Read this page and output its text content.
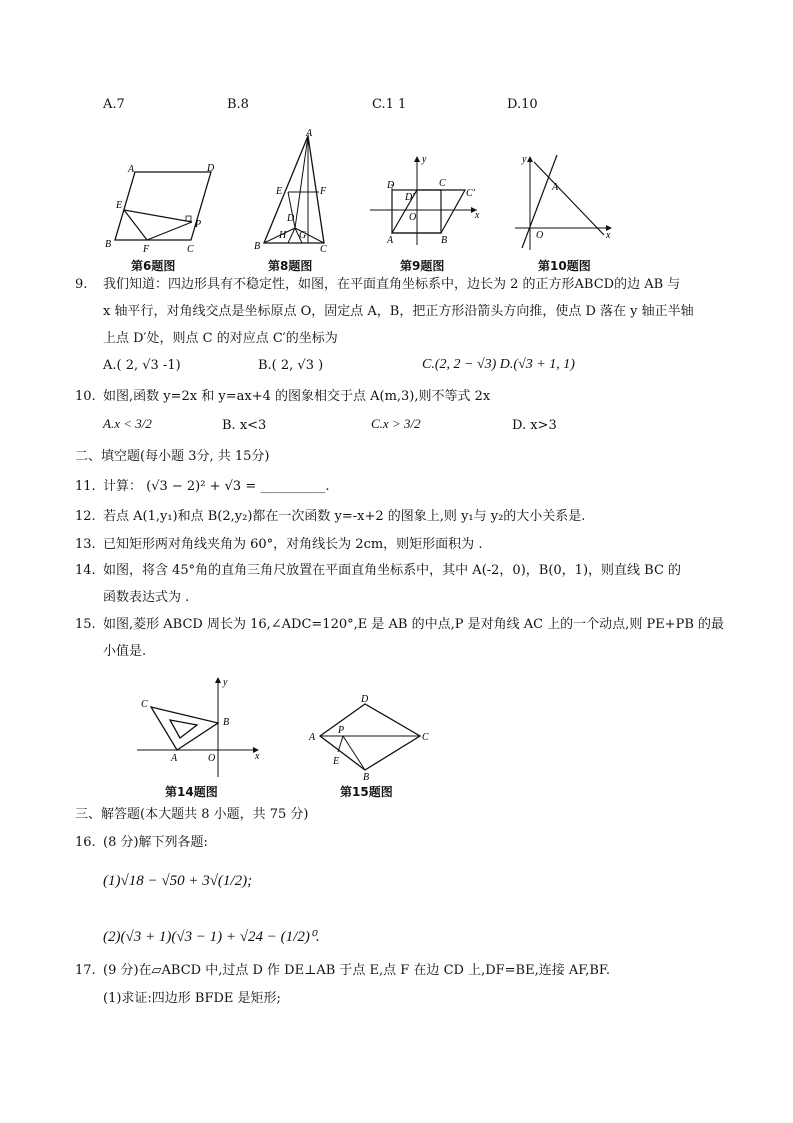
A.7	B.8	C.1 1	D.10
A	D
E
P
B	F	C
第6题图
A
E	F
D
B
H G
C
第8题图
y
x
D
D′
C
C′
O
A	B
第9题图
y
x
A
O
第10题图
9. 我们知道：四边形具有不稳定性，如图，在平面直角坐标系中，边长为 2 的正方形ABCD的边 AB 与
x 轴平行，对角线交点是坐标原点 O，固定点 A，B，把正方形沿箭头方向推，使点 D 落在 y 轴正半轴
上点 D′处，则点 C 的对应点 C′的坐标为
A.( 2, √3 -1)	B.( 2, √3 )	C.(2, 2 − √3) D.(√3 + 1, 1)
10. 如图,函数 y=2x 和 y=ax+4 的图象相交于点 A(m,3),则不等式 2x
A.x < 3/2	B. x<3	C.x > 3/2	D. x>3
二、填空题(每小题 3分, 共 15分)
11. 计算： (√3 − 2)² + √3 = __________.
12. 若点 A(1,y₁)和点 B(2,y₂)都在一次函数 y=-x+2 的图象上,则 y₁与 y₂的大小关系是.
13. 已知矩形两对角线夹角为 60°，对角线长为 2cm，则矩形面积为 .
14. 如图，将含 45°角的直角三角尺放置在平面直角坐标系中，其中 A(-2，0)，B(0，1)，则直线 BC 的
函数表达式为 .
15. 如图,菱形 ABCD 周长为 16,∠ADC=120°,E 是 AB 的中点,P 是对角线 AC 上的一个动点,则 PE+PB 的最
小值是.
C
B
y
A	O	x
第14题图
D
A	C
P
E
B
第15题图
三、解答题(本大题共 8 小题，共 75 分)
16. (8 分)解下列各题:
(1)√18 − √50 + 3√(1/2);
(2)(√3 + 1)(√3 − 1) + √24 − (1/2)⁰.
17. (9 分)在▱ABCD 中,过点 D 作 DE⊥AB 于点 E,点 F 在边 CD 上,DF=BE,连接 AF,BF.
(1)求证:四边形 BFDE 是矩形;
